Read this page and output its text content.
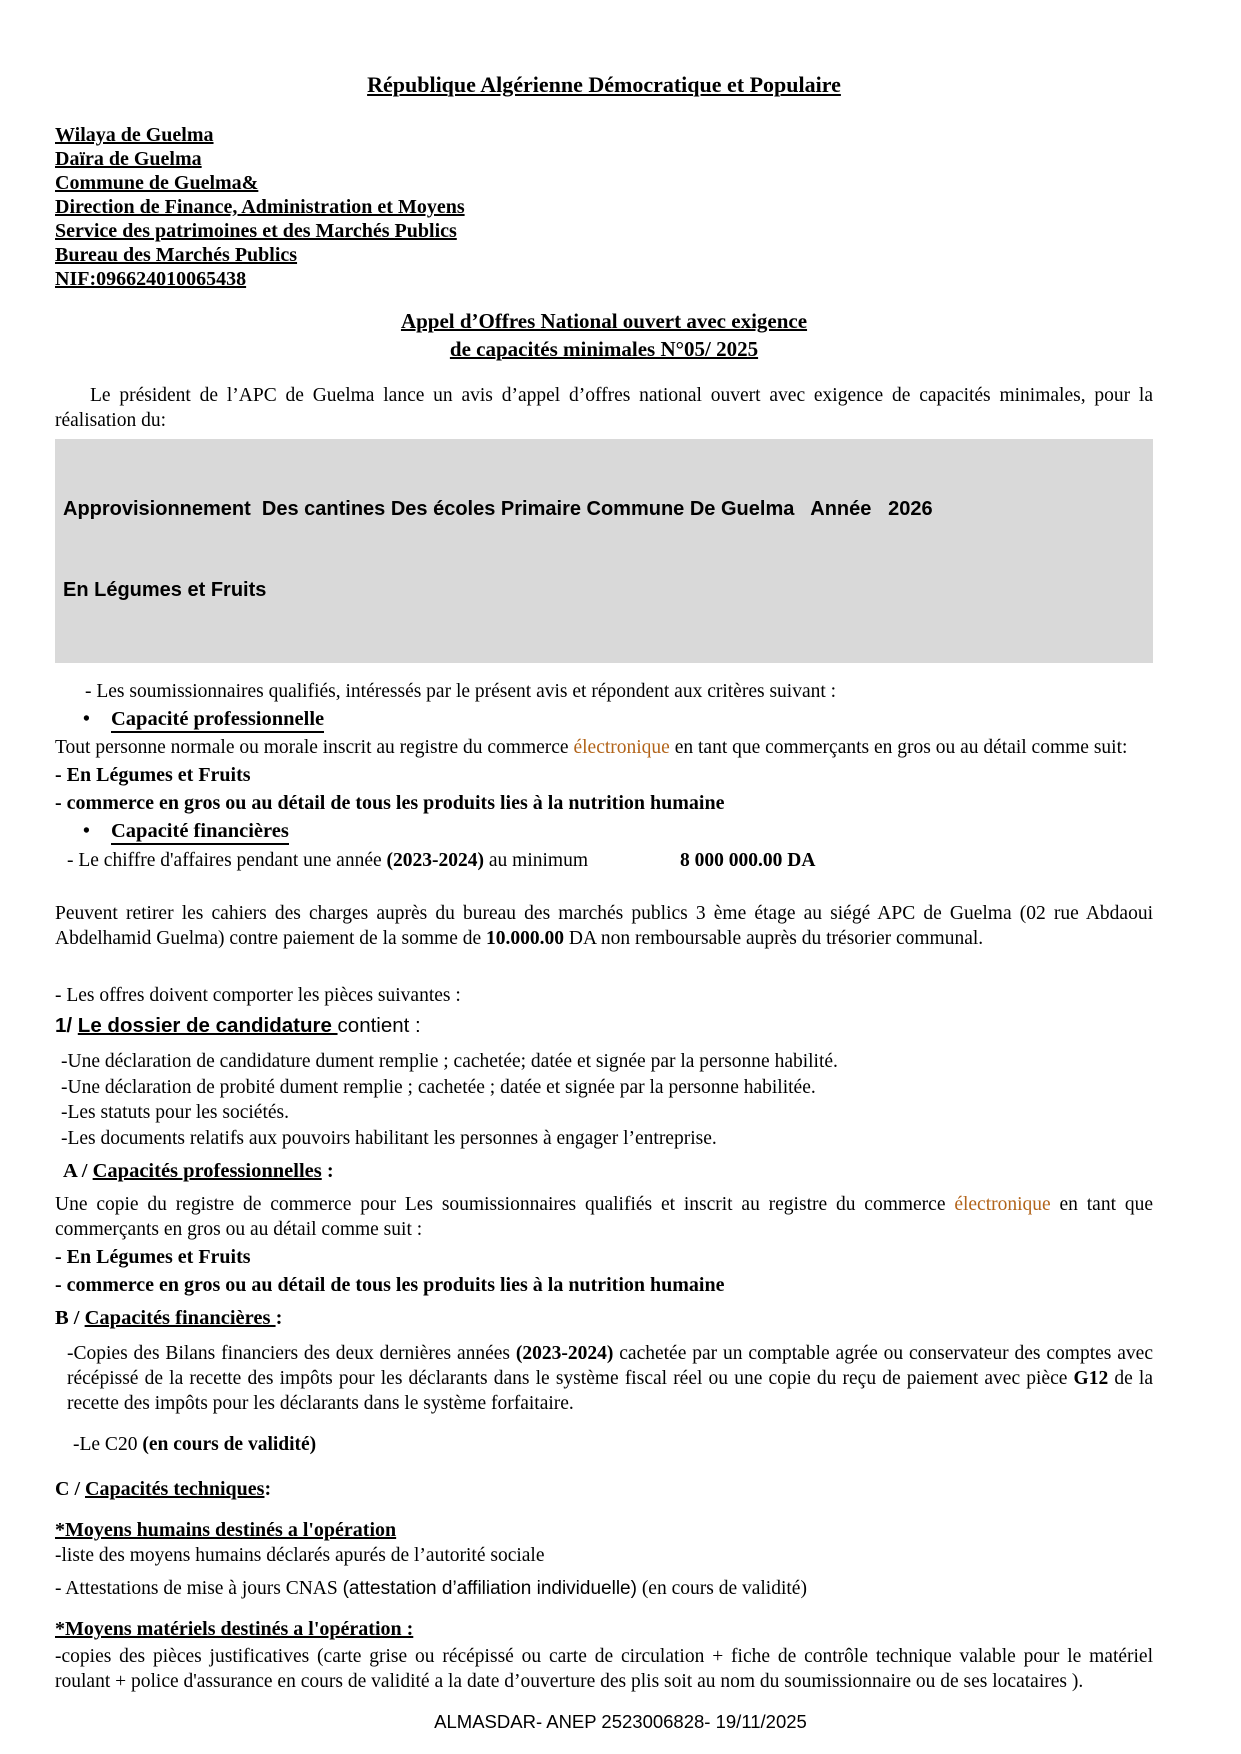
République Algérienne Démocratique et Populaire
Wilaya de Guelma
Daïra de Guelma
Commune de Guelma&
Direction de Finance, Administration et Moyens
Service des patrimoines et des Marchés Publics
Bureau des Marchés Publics
NIF:096624010065438
Appel d’Offres National ouvert avec exigence
de capacités minimales N°05/ 2025
Le président de l’APC de Guelma lance un avis d’appel d’offres national ouvert avec exigence de capacités minimales, pour la réalisation du:

Approvisionnement  Des cantines Des écoles Primaire Commune De Guelma   Année   2026

En Légumes et Fruits

- Les soumissionnaires qualifiés, intéressés par le présent avis et répondent aux critères suivant :
• Capacité professionnelle
Tout personne normale ou morale inscrit au registre du commerce électronique en tant que commerçants en gros ou au détail comme suit:
- En Légumes et Fruits
- commerce en gros ou au détail de tous les produits lies à la nutrition humaine
• Capacité financières
- Le chiffre d'affaires pendant une année (2023-2024) au minimum	8 000 000.00 DA
Peuvent retirer les cahiers des charges auprès du bureau des marchés publics 3 ème étage au siégé APC de Guelma (02 rue Abdaoui Abdelhamid Guelma) contre paiement de la somme de 10.000.00 DA non remboursable auprès du trésorier communal.
- Les offres doivent comporter les pièces suivantes :
1/ Le dossier de candidature contient :
-Une déclaration de candidature dument remplie ; cachetée; datée et signée par la personne habilité.
-Une déclaration de probité dument remplie ; cachetée ; datée et signée par la personne habilitée.
-Les statuts pour les sociétés.
-Les documents relatifs aux pouvoirs habilitant les personnes à engager l’entreprise.
A / Capacités professionnelles :
Une copie du registre de commerce pour Les soumissionnaires qualifiés et inscrit au registre du commerce électronique en tant que commerçants en gros ou au détail comme suit :
- En Légumes et Fruits
- commerce en gros ou au détail de tous les produits lies à la nutrition humaine
B / Capacités financières :
-Copies des Bilans financiers des deux dernières années (2023-2024) cachetée par un comptable agrée ou conservateur des comptes avec récépissé de la recette des impôts pour les déclarants dans le système fiscal réel ou une copie du reçu de paiement avec pièce G12 de la recette des impôts pour les déclarants dans le système forfaitaire.
-Le C20 (en cours de validité)
C / Capacités techniques:
*Moyens humains destinés a l'opération
-liste des moyens humains déclarés apurés de l’autorité sociale
- Attestations de mise à jours CNAS (attestation d’affiliation individuelle) (en cours de validité)
*Moyens matériels destinés a l'opération :
-copies des pièces justificatives (carte grise ou récépissé ou carte de circulation + fiche de contrôle technique valable pour le matériel roulant + police d'assurance en cours de validité a la date d’ouverture des plis soit au nom du soumissionnaire ou de ses locataires ).
ALMASDAR- ANEP 2523006828- 19/11/2025
